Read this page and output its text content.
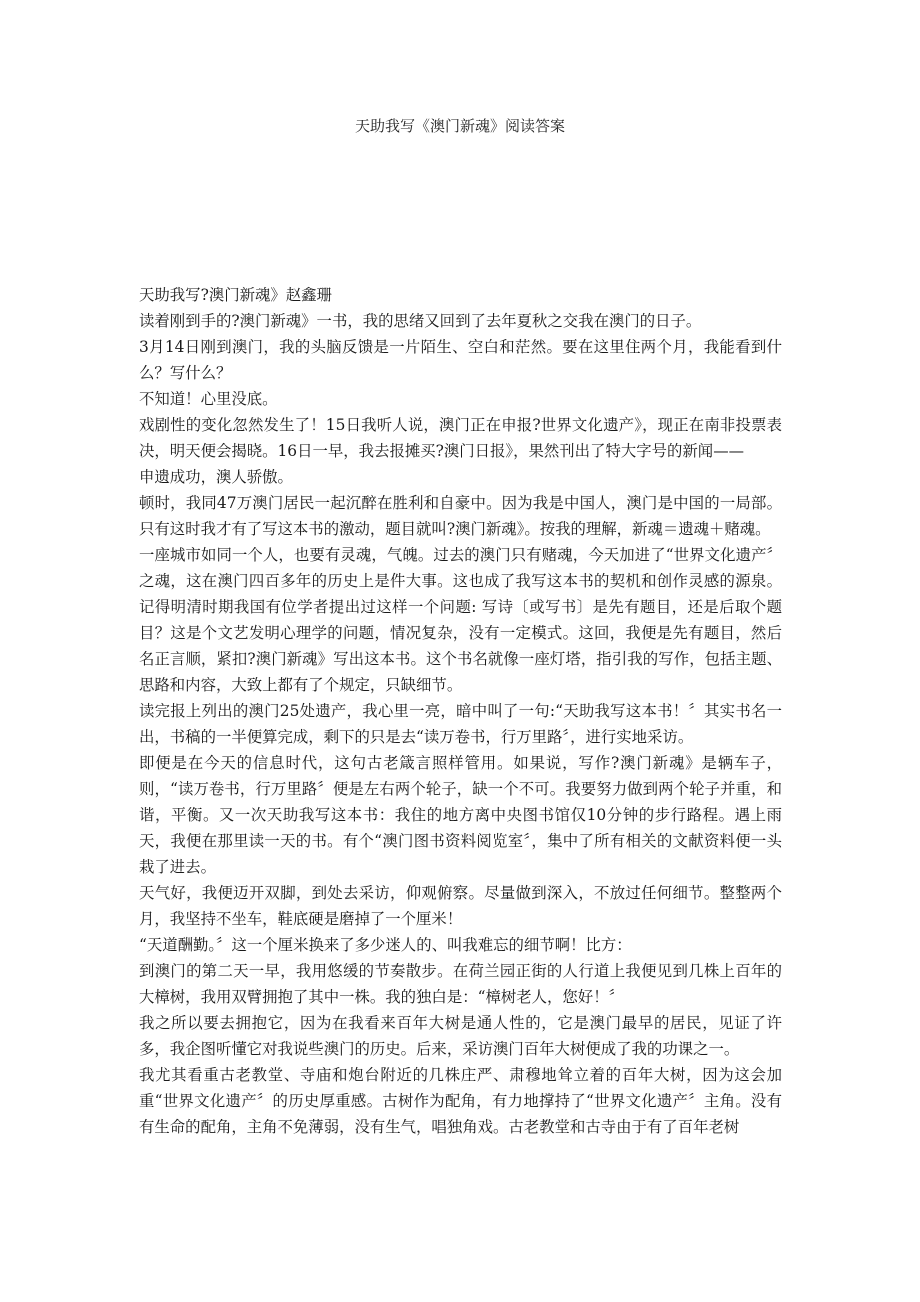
天助我写《澳门新魂》阅读答案

天助我写?澳门新魂》赵鑫珊

读着刚到手的?澳门新魂》一书，我的思绪又回到了去年夏秋之交我在澳门的日子。

3月14日刚到澳门，我的头脑反馈是一片陌生、空白和茫然。要在这里住两个月，我能看到什么？写什么？

不知道！心里没底。

戏剧性的变化忽然发生了！15日我听人说，澳门正在申报?世界文化遗产》，现正在南非投票表决，明天便会揭晓。16日一早，我去报摊买?澳门日报》，果然刊出了特大字号的新闻——

申遗成功，澳人骄傲。

顿时，我同47万澳门居民一起沉醉在胜利和自豪中。因为我是中国人，澳门是中国的一局部。只有这时我才有了写这本书的激动，题目就叫?澳门新魂》。按我的理解，新魂＝遗魂＋赌魂。

一座城市如同一个人，也要有灵魂，气魄。过去的澳门只有赌魂，今天加进了“世界文化遗产〞之魂，这在澳门四百多年的历史上是件大事。这也成了我写这本书的契机和创作灵感的源泉。记得明清时期我国有位学者提出过这样一个问题: 写诗〔或写书〕是先有题目，还是后取个题目？这是个文艺发明心理学的问题，情况复杂，没有一定模式。这回，我便是先有题目，然后名正言顺，紧扣?澳门新魂》写出这本书。这个书名就像一座灯塔，指引我的写作，包括主题、思路和内容，大致上都有了个规定，只缺细节。

读完报上列出的澳门25处遗产，我心里一亮，暗中叫了一句:“天助我写这本书！〞其实书名一出，书稿的一半便算完成，剩下的只是去“读万卷书，行万里路〞，进行实地采访。

即便是在今天的信息时代，这句古老箴言照样管用。如果说，写作?澳门新魂》是辆车子，则，“读万卷书，行万里路〞便是左右两个轮子，缺一个不可。我要努力做到两个轮子并重，和谐，平衡。又一次天助我写这本书：我住的地方离中央图书馆仅10分钟的步行路程。遇上雨天，我便在那里读一天的书。有个“澳门图书资料阅览室〞，集中了所有相关的文献资料便一头栽了进去。

天气好，我便迈开双脚，到处去采访，仰观俯察。尽量做到深入，不放过任何细节。整整两个月，我坚持不坐车，鞋底硬是磨掉了一个厘米！

“天道酬勤。〞这一个厘米换来了多少迷人的、叫我难忘的细节啊！比方：

到澳门的第二天一早，我用悠缓的节奏散步。在荷兰园正街的人行道上我便见到几株上百年的大樟树，我用双臂拥抱了其中一株。我的独白是：“樟树老人，您好！〞

我之所以要去拥抱它，因为在我看来百年大树是通人性的，它是澳门最早的居民，见证了许多，我企图听懂它对我说些澳门的历史。后来，采访澳门百年大树便成了我的功课之一。

我尤其看重古老教堂、寺庙和炮台附近的几株庄严、肃穆地耸立着的百年大树，因为这会加重“世界文化遗产〞的历史厚重感。古树作为配角，有力地撑持了“世界文化遗产〞主角。没有有生命的配角，主角不免薄弱，没有生气，唱独角戏。古老教堂和古寺由于有了百年老树
